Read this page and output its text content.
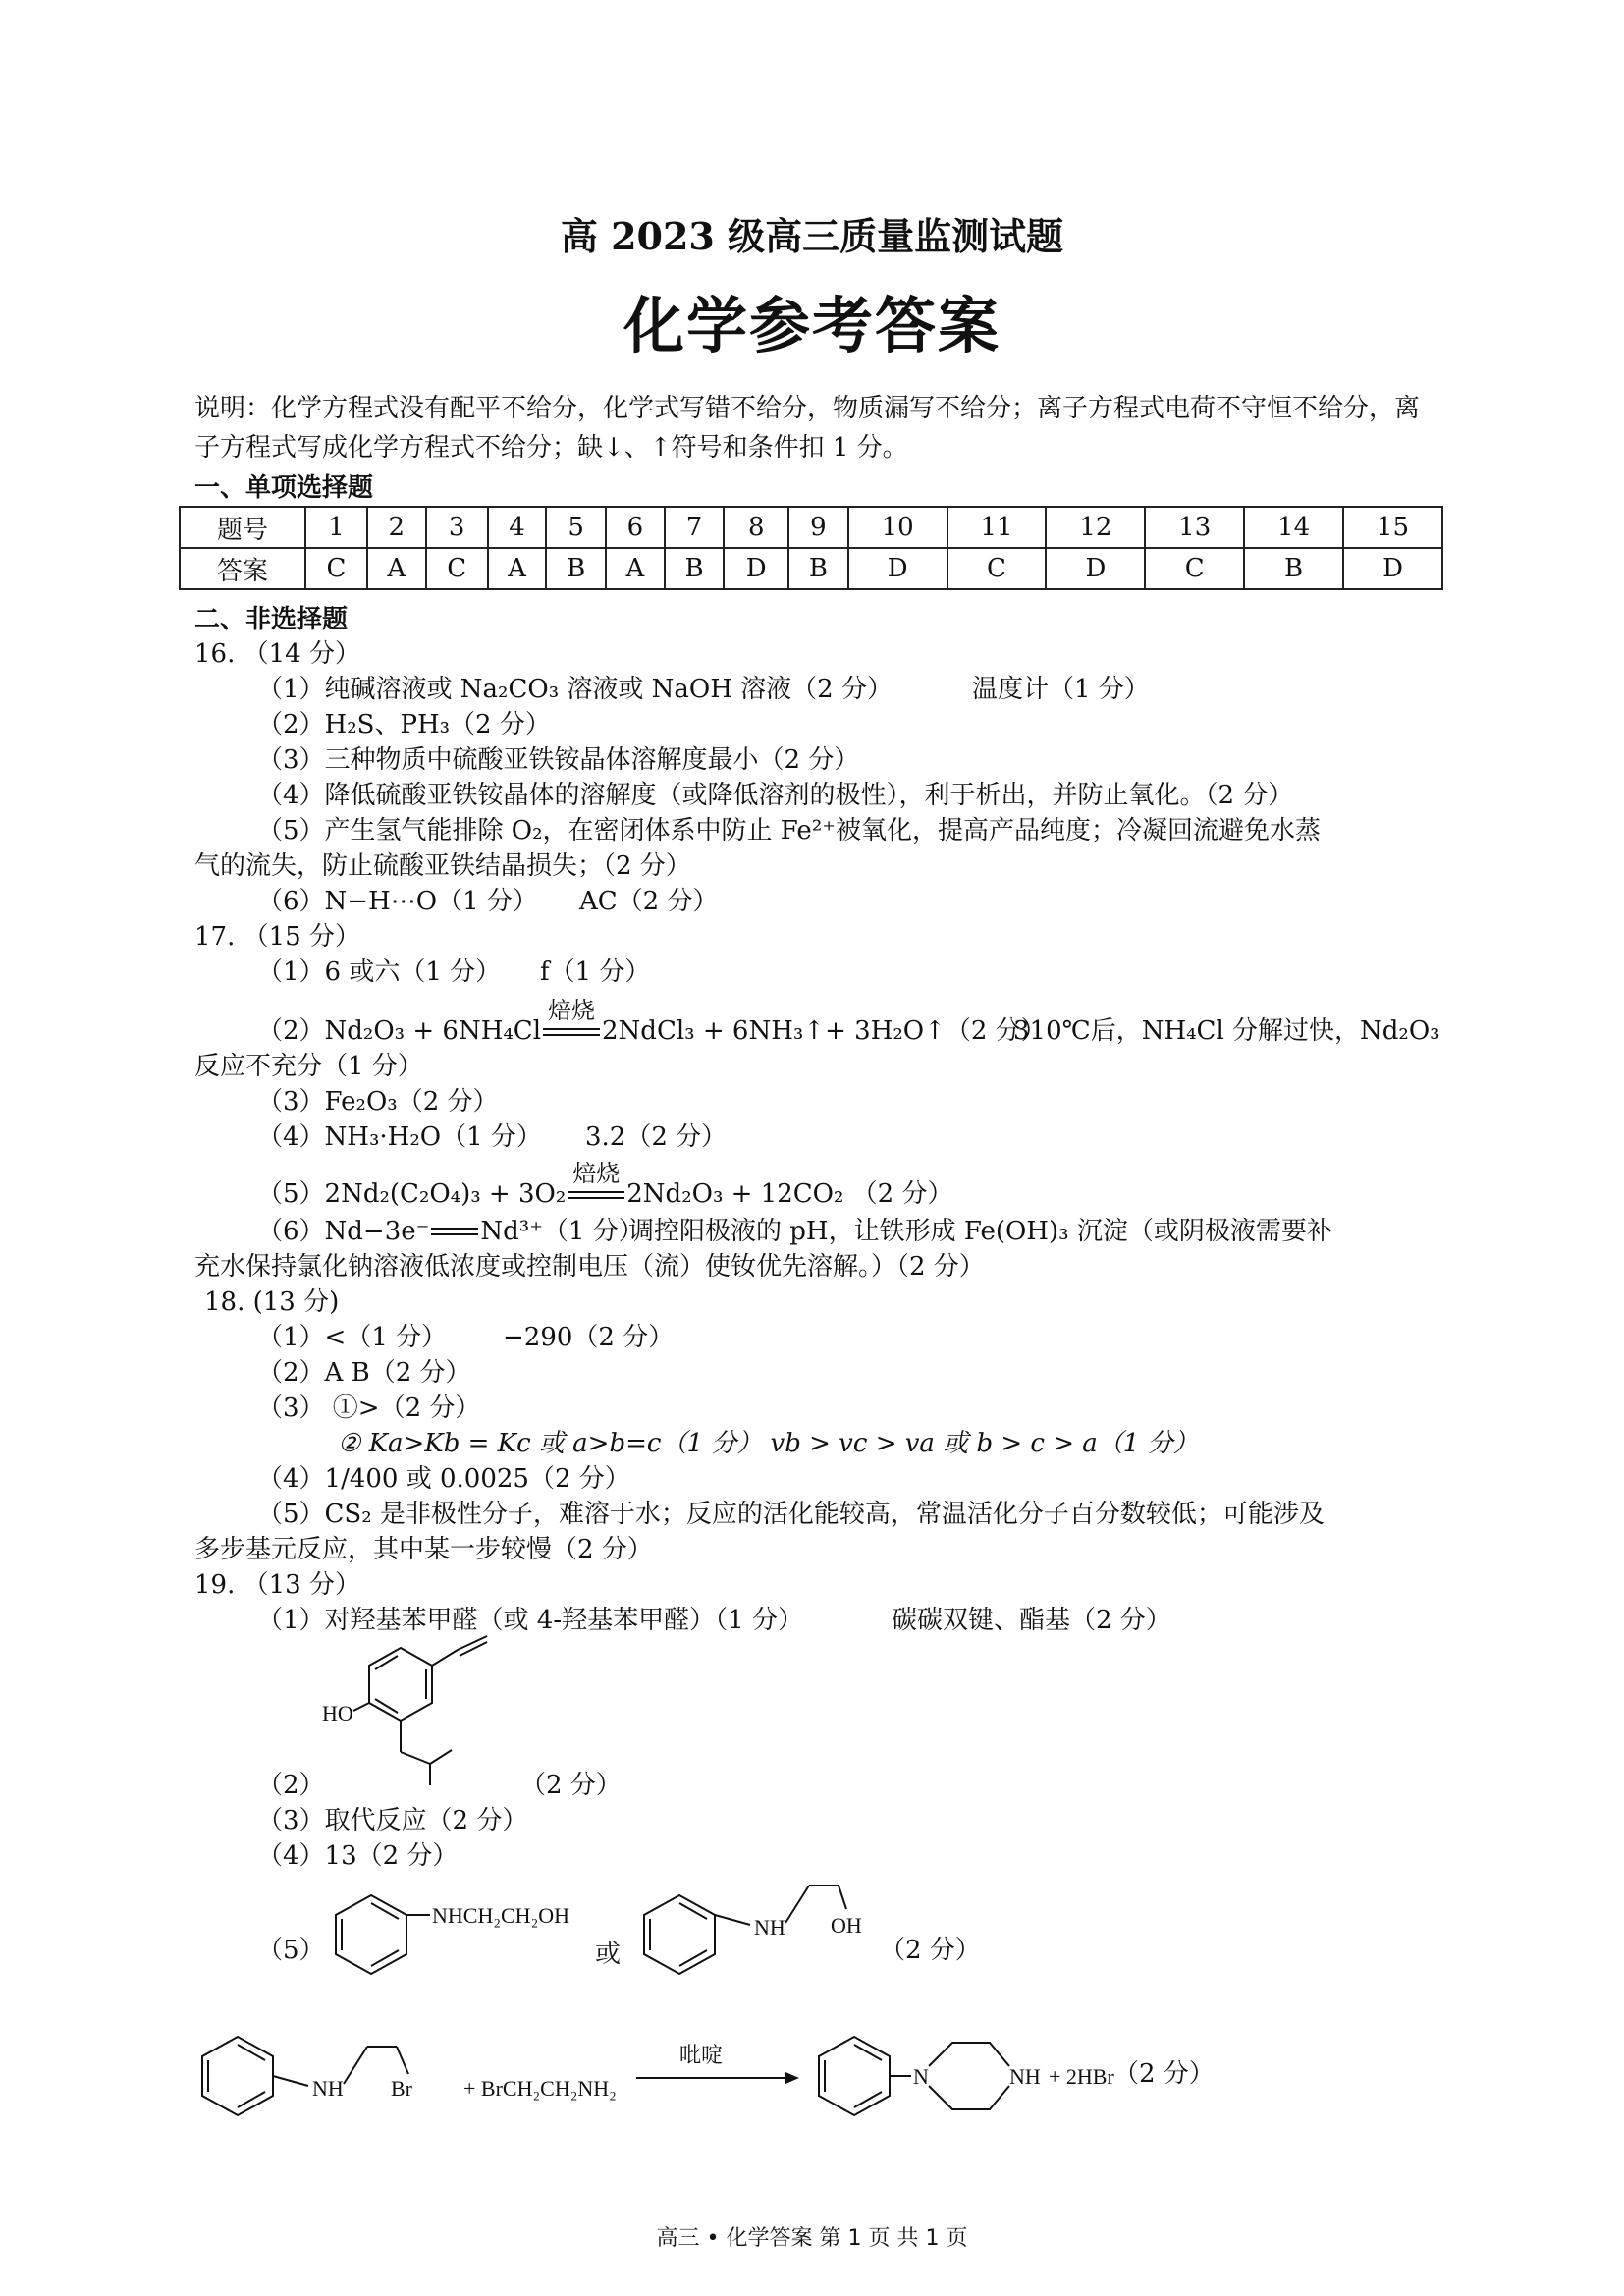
高 2023 级高三质量监测试题
化学参考答案
说明：化学方程式没有配平不给分，化学式写错不给分，物质漏写不给分；离子方程式电荷不守恒不给分，离子方程式写成化学方程式不给分；缺↓、↑符号和条件扣 1 分。
一、单项选择题
题号	1	2	3	4	5	6	7	8	9	10	11	12	13	14	15
答案	C	A	C	A	B	A	B	D	B	D	C	D	C	B	D
二、非选择题
16. （14 分）
（1）纯碱溶液或 Na₂CO₃ 溶液或 NaOH 溶液（2 分）	温度计（1 分）
（2）H₂S、PH₃（2 分）
（3）三种物质中硫酸亚铁铵晶体溶解度最小（2 分）
（4）降低硫酸亚铁铵晶体的溶解度（或降低溶剂的极性），利于析出，并防止氧化。（2 分）
（5）产生氢气能排除 O₂，在密闭体系中防止 Fe²⁺被氧化，提高产品纯度；冷凝回流避免水蒸
气的流失，防止硫酸亚铁结晶损失；（2 分）
（6）N−H⋯O（1 分） AC（2 分）
17. （15 分）
（1）6 或六（1 分） f（1 分）
（2）Nd₂O₃ + 6NH₄Cl
焙烧
2NdCl₃ + 6NH₃↑+ 3H₂O↑（2 分）
310℃后，NH₄Cl 分解过快，Nd₂O₃
反应不充分（1 分）
（3）Fe₂O₃（2 分）
（4）NH₃·H₂O（1 分） 3.2（2 分）
（5）2Nd₂(C₂O₄)₃ + 3O₂
焙烧
2Nd₂O₃ + 12CO₂ （2 分）
（6）Nd−3e⁻ Nd³⁺（1 分）
调控阳极液的 pH，让铁形成 Fe(OH)₃ 沉淀（或阴极液需要补
充水保持氯化钠溶液低浓度或控制电压（流）使钕优先溶解。）（2 分）
18. (13 分)
（1）<（1 分） −290（2 分）
（2）A B（2 分）
（3） ①>（2 分）
② Ka>Kb = Kc 或 a>b=c（1 分） vb > vc > va 或 b > c > a（1 分）
（4）1/400 或 0.0025（2 分）
（5）CS₂ 是非极性分子，难溶于水；反应的活化能较高，常温活化分子百分数较低；可能涉及
多步基元反应，其中某一步较慢（2 分）
19. （13 分）
（1）对羟基苯甲醛（或 4-羟基苯甲醛）（1 分）	碳碳双键、酯基（2 分）
HO
（2）	（2 分）
（3）取代反应（2 分）
（4）13（2 分）
（5）
NHCH₂CH₂OH
或
NH OH
（2 分）
NH Br + BrCH₂CH₂NH₂
吡啶
N	NH + 2HBr （2 分）
高三 • 化学答案 第 1 页 共 1 页
